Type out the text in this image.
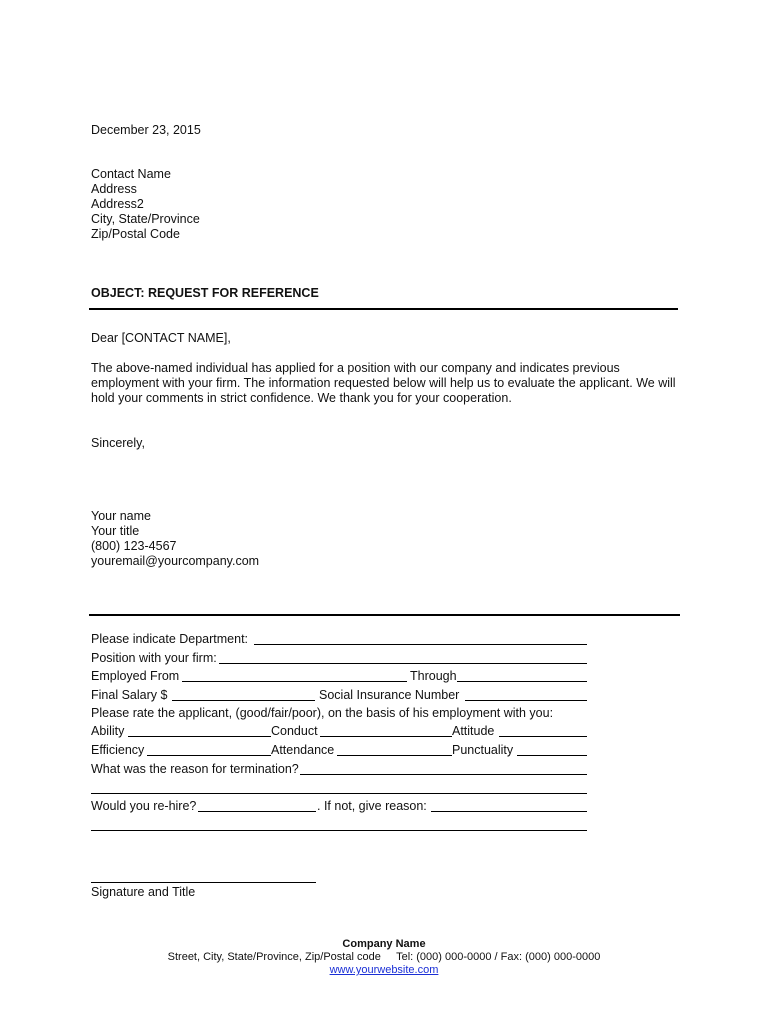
December 23, 2015
Contact Name
Address
Address2
City, State/Province
Zip/Postal Code
OBJECT: REQUEST FOR REFERENCE
Dear [CONTACT NAME],
The above-named individual has applied for a position with our company and indicates previous
employment with your firm. The information requested below will help us to evaluate the applicant. We will
hold your comments in strict confidence. We thank you for your cooperation.
Sincerely,
Your name
Your title
(800) 123-4567
youremail@yourcompany.com
Please indicate Department:
Position with your firm:
Employed From	Through
Final Salary $	Social Insurance Number
Please rate the applicant, (good/fair/poor), on the basis of his employment with you:
Ability	Conduct	Attitude
Efficiency	Attendance	Punctuality
What was the reason for termination?
Would you re-hire?	. If not, give reason:
Signature and Title
Company Name
Street, City, State/Province, Zip/Postal code Tel: (000) 000-0000 / Fax: (000) 000-0000
www.yourwebsite.com
